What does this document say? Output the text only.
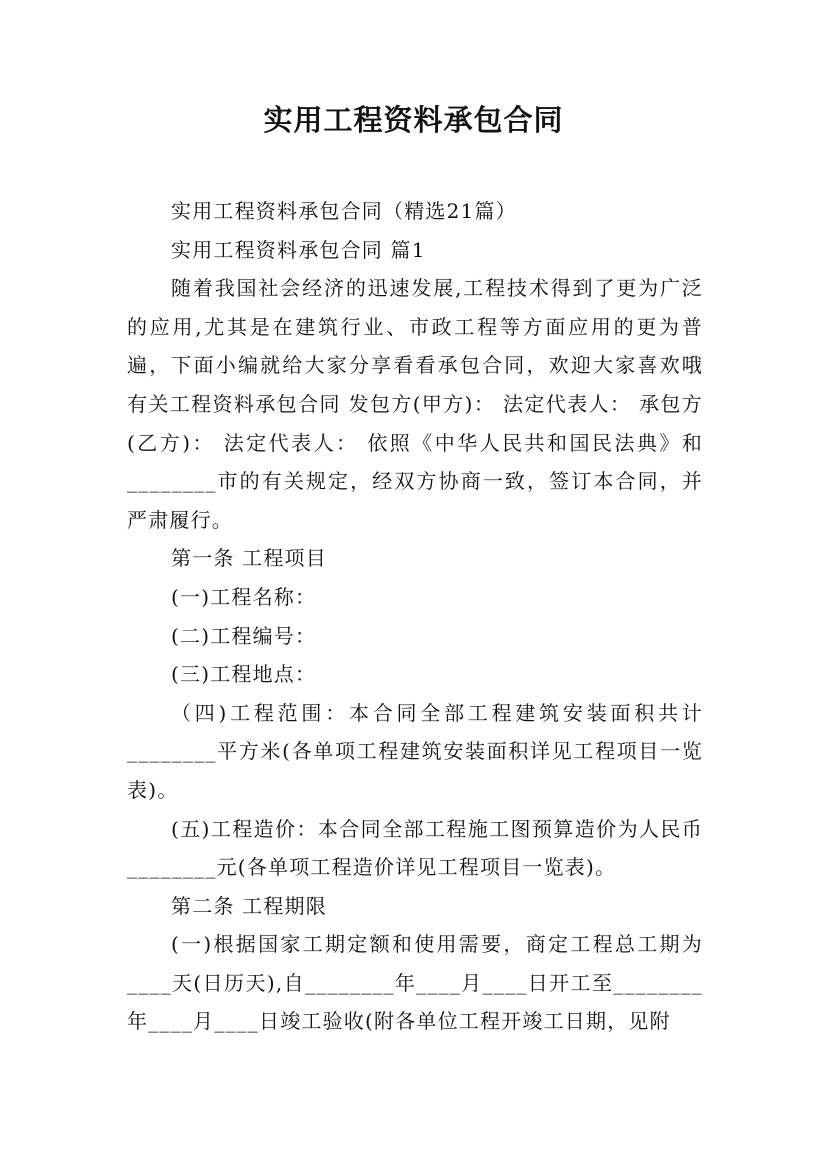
实用工程资料承包合同

实用工程资料承包合同（精选21篇）

实用工程资料承包合同 篇1

随着我国社会经济的迅速发展,工程技术得到了更为广泛的应用,尤其是在建筑行业、市政工程等方面应用的更为普遍，下面小编就给大家分享看看承包合同，欢迎大家喜欢哦 有关工程资料承包合同 发包方(甲方)： 法定代表人： 承包方(乙方)： 法定代表人： 依照《中华人民共和国民法典》和________市的有关规定，经双方协商一致，签订本合同，并严肃履行。

第一条 工程项目

(一)工程名称：

(二)工程编号：

(三)工程地点：

（四)工程范围：本合同全部工程建筑安装面积共计________平方米(各单项工程建筑安装面积详见工程项目一览表)。

(五)工程造价：本合同全部工程施工图预算造价为人民币________元(各单项工程造价详见工程项目一览表)。

第二条 工程期限

(一)根据国家工期定额和使用需要，商定工程总工期为____天(日历天),自________年____月____日开工至________年____月____日竣工验收(附各单位工程开竣工日期，见附
